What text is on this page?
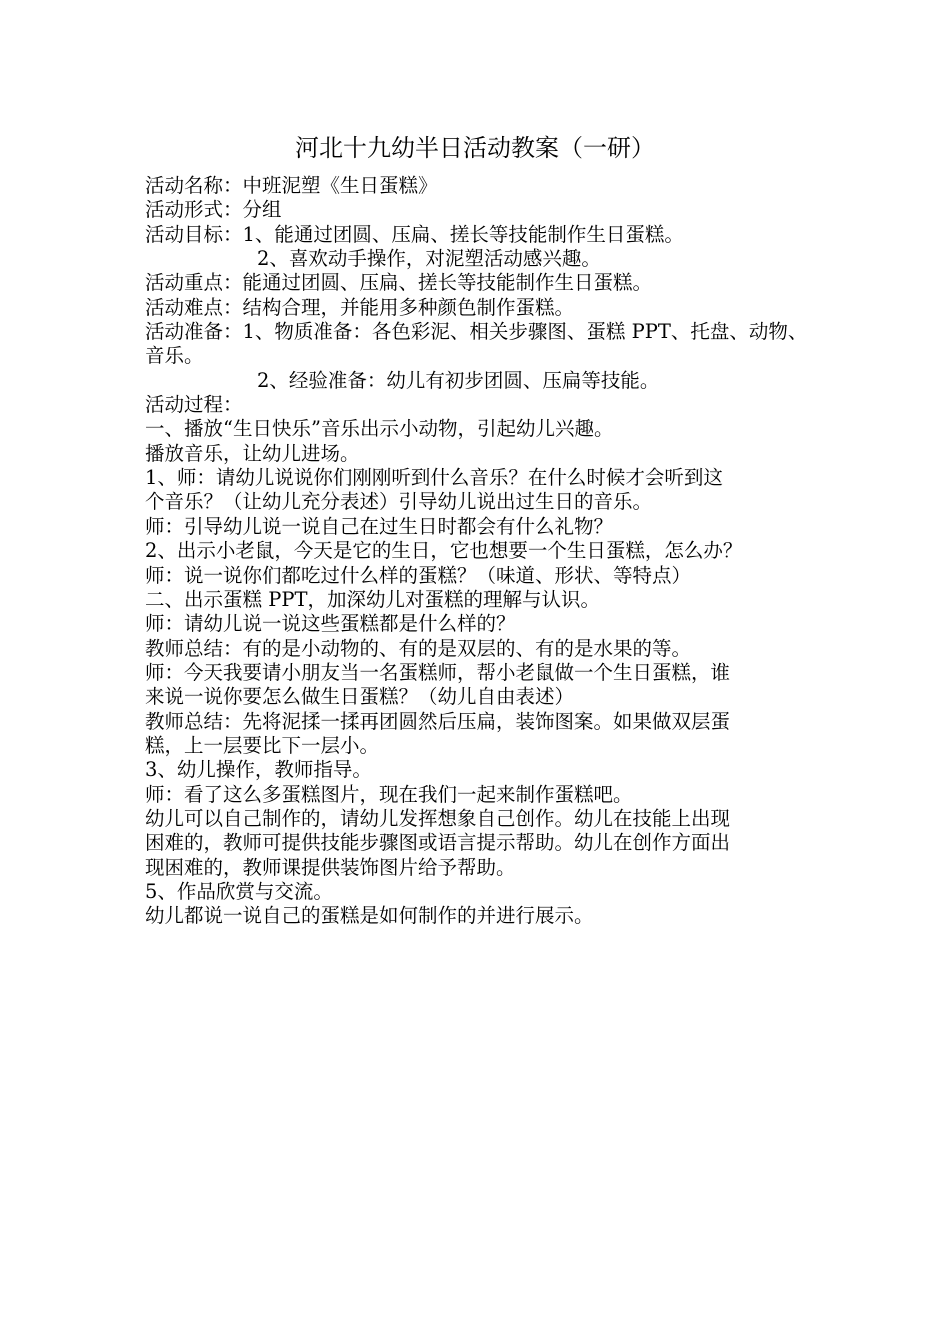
河北十九幼半日活动教案（一研）
活动名称：中班泥塑《生日蛋糕》
活动形式：分组
活动目标：1、能通过团圆、压扁、搓长等技能制作生日蛋糕。
2、喜欢动手操作，对泥塑活动感兴趣。
活动重点：能通过团圆、压扁、搓长等技能制作生日蛋糕。
活动难点：结构合理，并能用多种颜色制作蛋糕。
活动准备：1、物质准备：各色彩泥、相关步骤图、蛋糕 PPT、托盘、动物、
音乐。
2、经验准备：幼儿有初步团圆、压扁等技能。
活动过程：
一、播放“生日快乐”音乐出示小动物，引起幼儿兴趣。
播放音乐，让幼儿进场。
1、师：请幼儿说说你们刚刚听到什么音乐？在什么时候才会听到这
个音乐？（让幼儿充分表述）引导幼儿说出过生日的音乐。
师：引导幼儿说一说自己在过生日时都会有什么礼物？
2、出示小老鼠，今天是它的生日，它也想要一个生日蛋糕，怎么办？
师：说一说你们都吃过什么样的蛋糕？（味道、形状、等特点）
二、出示蛋糕 PPT，加深幼儿对蛋糕的理解与认识。
师：请幼儿说一说这些蛋糕都是什么样的？
教师总结：有的是小动物的、有的是双层的、有的是水果的等。
师：今天我要请小朋友当一名蛋糕师，帮小老鼠做一个生日蛋糕，谁
来说一说你要怎么做生日蛋糕？（幼儿自由表述）
教师总结：先将泥揉一揉再团圆然后压扁，装饰图案。如果做双层蛋
糕，上一层要比下一层小。
3、幼儿操作，教师指导。
师：看了这么多蛋糕图片，现在我们一起来制作蛋糕吧。
幼儿可以自己制作的，请幼儿发挥想象自己创作。幼儿在技能上出现
困难的，教师可提供技能步骤图或语言提示帮助。幼儿在创作方面出
现困难的，教师课提供装饰图片给予帮助。
5、作品欣赏与交流。
幼儿都说一说自己的蛋糕是如何制作的并进行展示。
